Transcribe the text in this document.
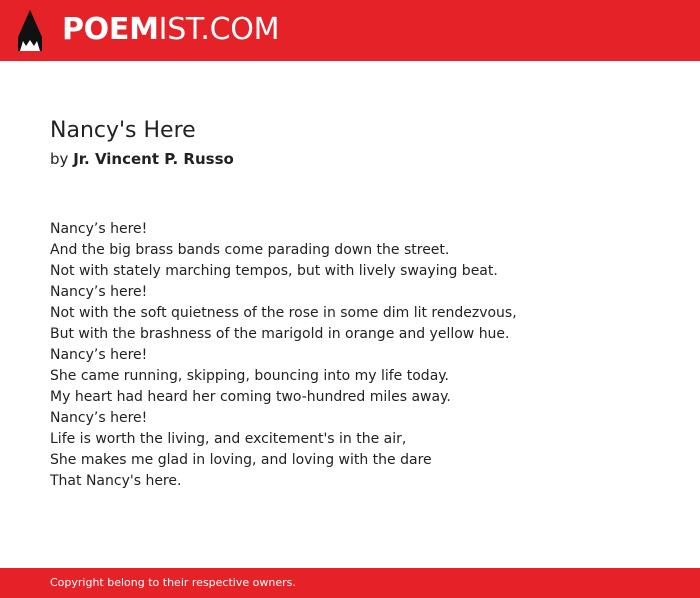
POEMIST.COM
Nancy's Here
by Jr. Vincent P. Russo
Nancy’s here!
And the big brass bands come parading down the street.
Not with stately marching tempos, but with lively swaying beat.
Nancy’s here!
Not with the soft quietness of the rose in some dim lit rendezvous,
But with the brashness of the marigold in orange and yellow hue.
Nancy’s here!
She came running, skipping, bouncing into my life today.
My heart had heard her coming two-hundred miles away.
Nancy’s here!
Life is worth the living, and excitement's in the air,
She makes me glad in loving, and loving with the dare
That Nancy's here.
Copyright belong to their respective owners.
